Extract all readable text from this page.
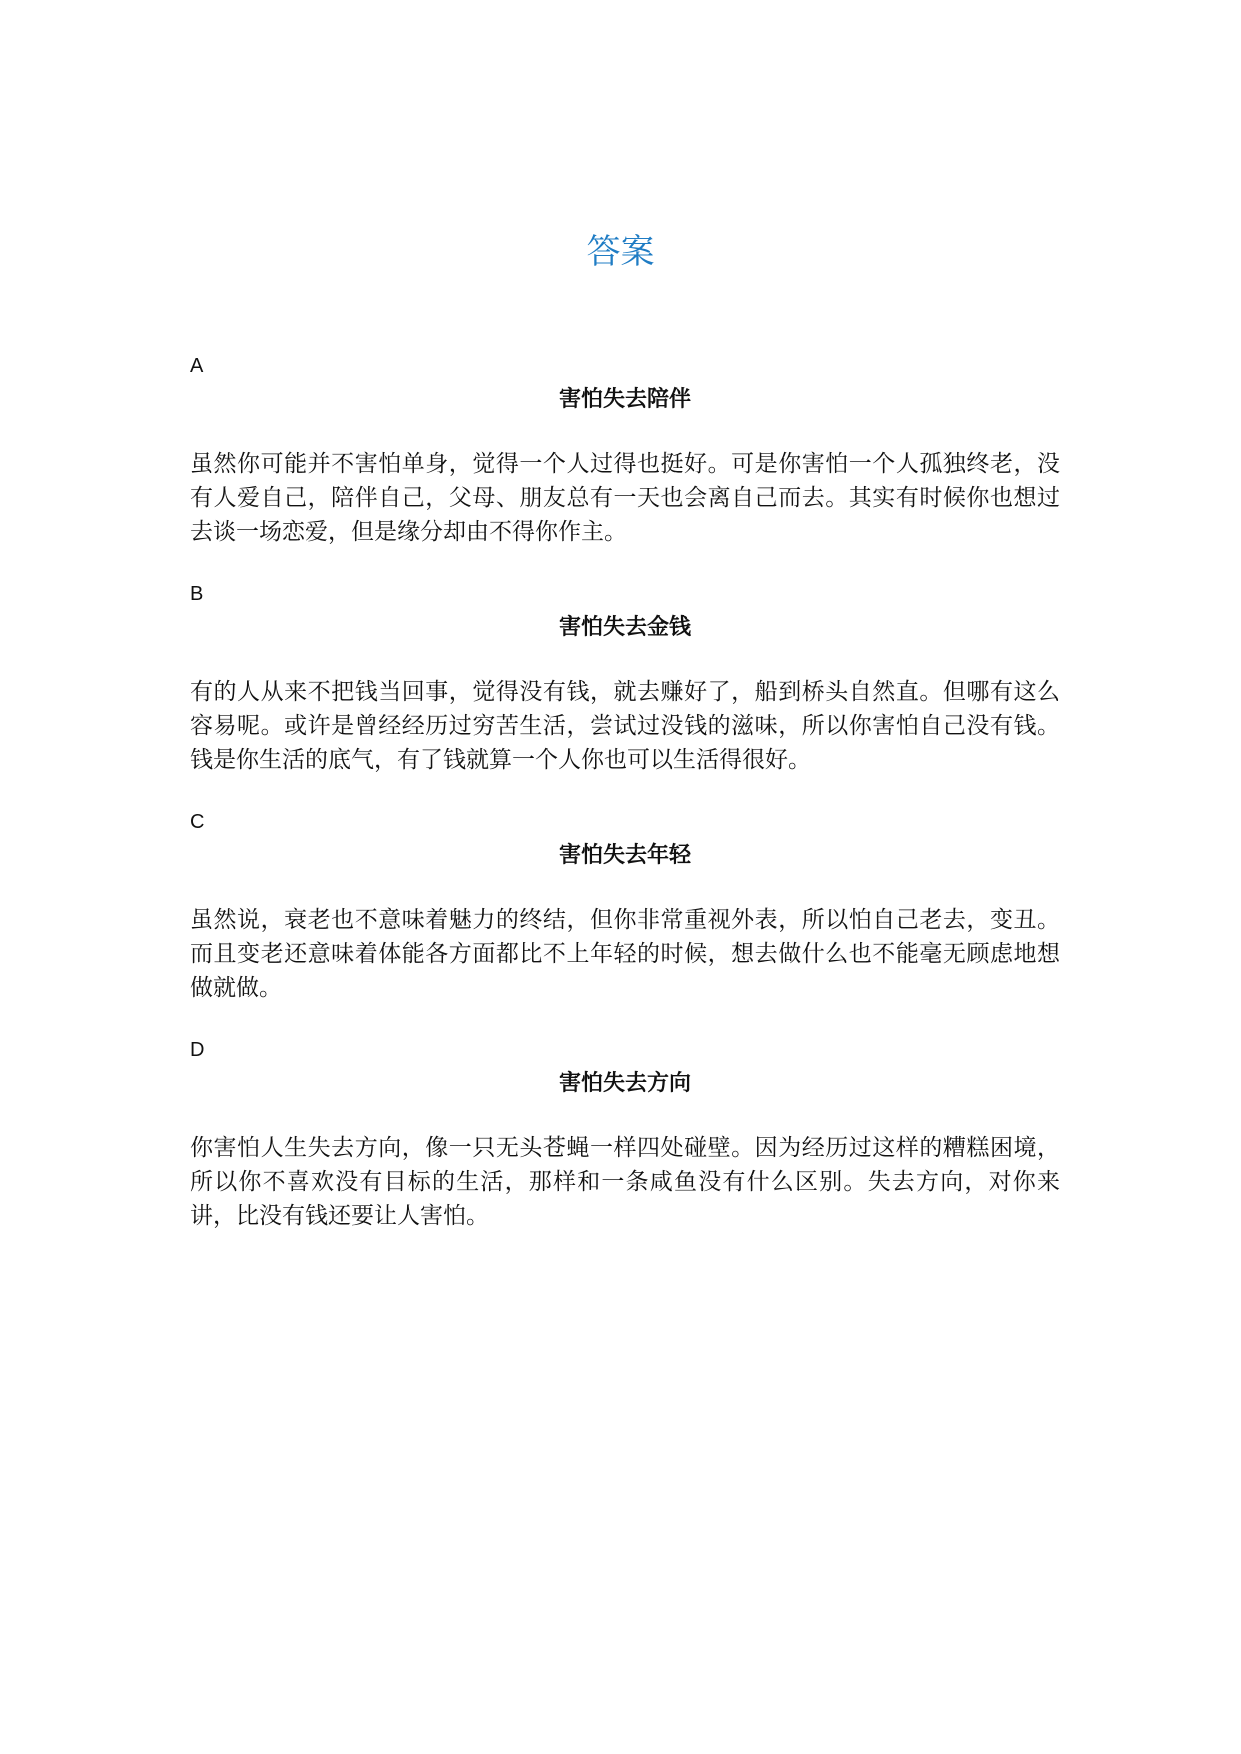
答案
A
害怕失去陪伴

虽然你可能并不害怕单身，觉得一个人过得也挺好。可是你害怕一个人孤独终老，没有人爱自己，陪伴自己，父母、朋友总有一天也会离自己而去。其实有时候你也想过去谈一场恋爱，但是缘分却由不得你作主。

B
害怕失去金钱

有的人从来不把钱当回事，觉得没有钱，就去赚好了，船到桥头自然直。但哪有这么容易呢。或许是曾经经历过穷苦生活，尝试过没钱的滋味，所以你害怕自己没有钱。钱是你生活的底气，有了钱就算一个人你也可以生活得很好。

C
害怕失去年轻

虽然说，衰老也不意味着魅力的终结，但你非常重视外表，所以怕自己老去，变丑。而且变老还意味着体能各方面都比不上年轻的时候，想去做什么也不能毫无顾虑地想做就做。

D
害怕失去方向

你害怕人生失去方向，像一只无头苍蝇一样四处碰壁。因为经历过这样的糟糕困境，所以你不喜欢没有目标的生活，那样和一条咸鱼没有什么区别。失去方向，对你来讲，比没有钱还要让人害怕。
